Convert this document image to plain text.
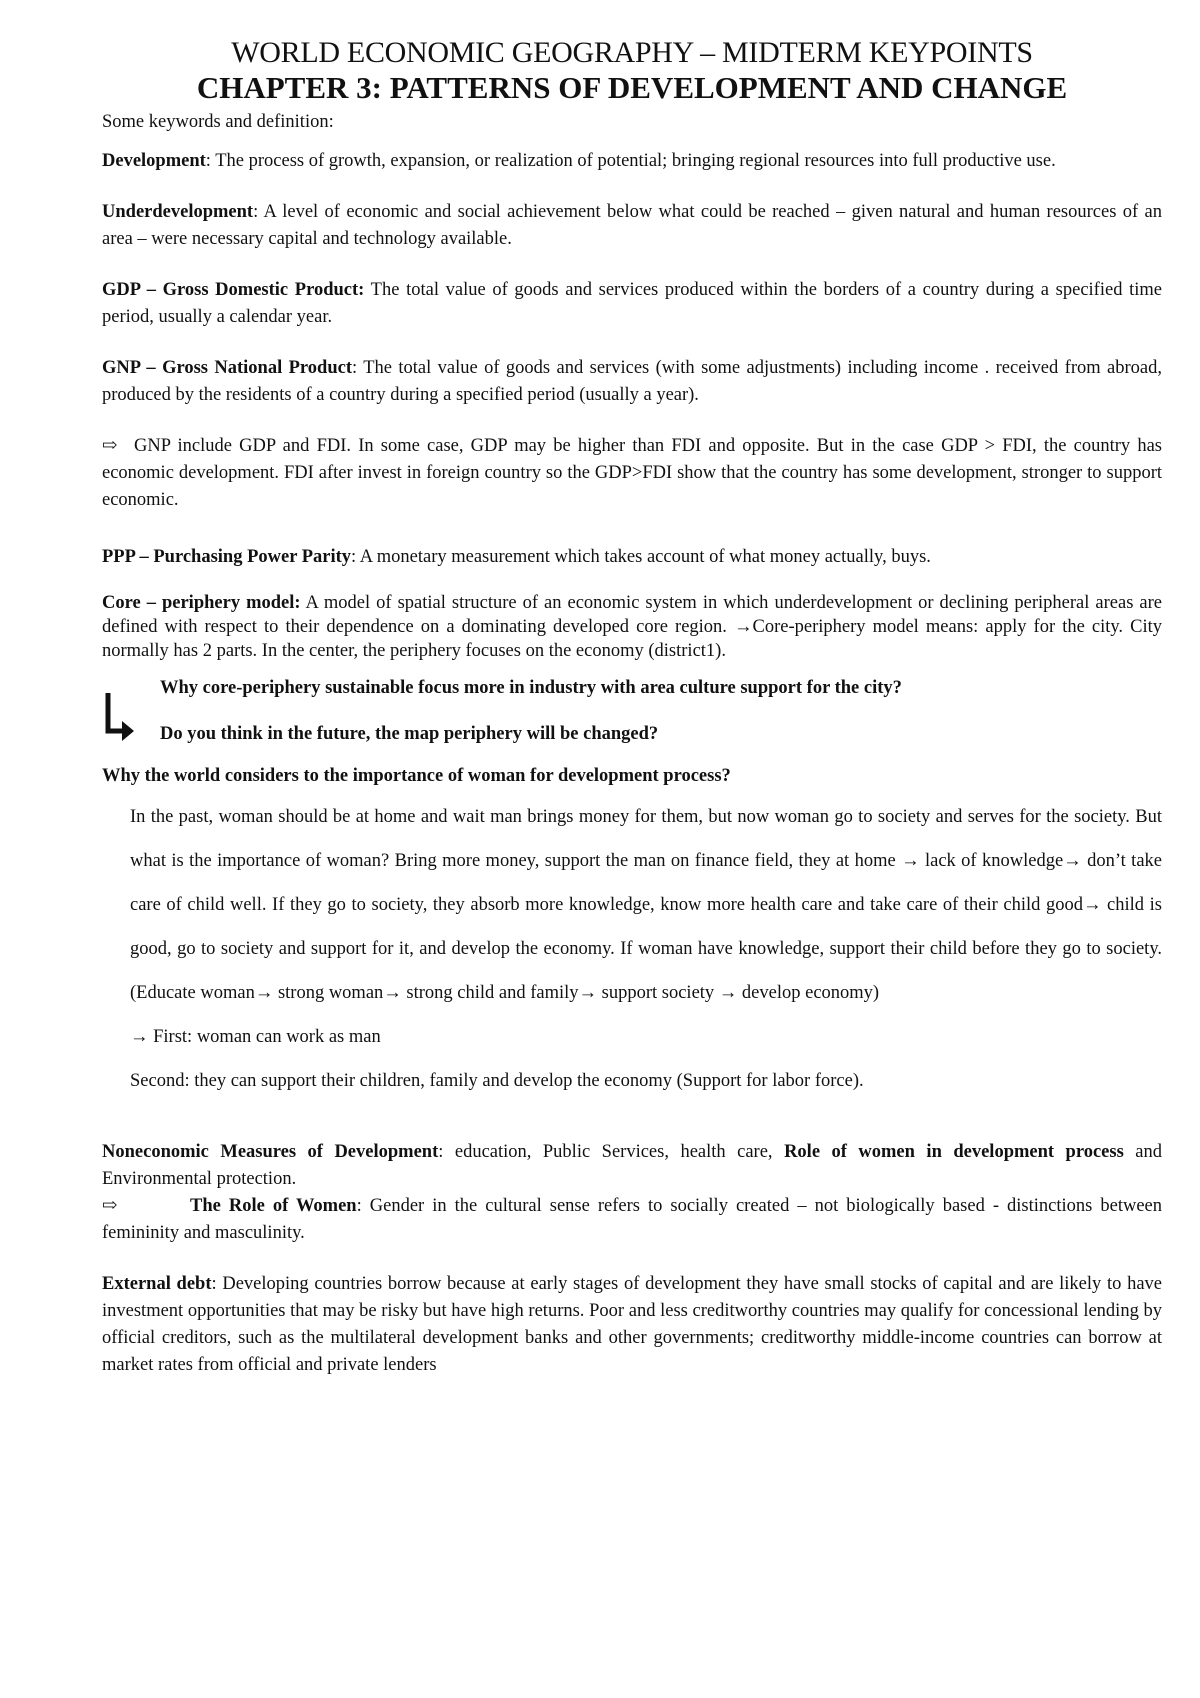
WORLD ECONOMIC GEOGRAPHY – MIDTERM KEYPOINTS
CHAPTER 3: PATTERNS OF DEVELOPMENT AND CHANGE

Some keywords and definition:

Development: The process of growth, expansion, or realization of potential; bringing regional resources into full productive use.

Underdevelopment: A level of economic and social achievement below what could be reached – given natural and human resources of an area – were necessary capital and technology available.

GDP – Gross Domestic Product: The total value of goods and services produced within the borders of a country during a specified time period, usually a calendar year.

GNP – Gross National Product: The total value of goods and services (with some adjustments) including income . received from abroad, produced by the residents of a country during a specified period (usually a year).

⇨ GNP include GDP and FDI. In some case, GDP may be higher than FDI and opposite. But in the case GDP > FDI, the country has economic development. FDI after invest in foreign country so the GDP>FDI show that the country has some development, stronger to support economic.

PPP – Purchasing Power Parity: A monetary measurement which takes account of what money actually, buys.

Core – periphery model: A model of spatial structure of an economic system in which underdevelopment or declining peripheral areas are defined with respect to their dependence on a dominating developed core region. →Core-periphery model means: apply for the city. City normally has 2 parts. In the center, the periphery focuses on the economy (district1).

Why core-periphery sustainable focus more in industry with area culture support for the city?
Do you think in the future, the map periphery will be changed?

Why the world considers to the importance of woman for development process?

In the past, woman should be at home and wait man brings money for them, but now woman go to society and serves for the society. But what is the importance of woman? Bring more money, support the man on finance field, they at home → lack of knowledge→ don’t take care of child well. If they go to society, they absorb more knowledge, know more health care and take care of their child good→ child is good, go to society and support for it, and develop the economy. If woman have knowledge, support their child before they go to society. (Educate woman→ strong woman→ strong child and family→ support society → develop economy)

→ First: woman can work as man

Second: they can support their children, family and develop the economy (Support for labor force).

Noneconomic Measures of Development: education, Public Services, health care, Role of women in development process and Environmental protection.

⇨	The Role of Women: Gender in the cultural sense refers to socially created – not biologically based - distinctions between femininity and masculinity.

External debt: Developing countries borrow because at early stages of development they have small stocks of capital and are likely to have investment opportunities that may be risky but have high returns. Poor and less creditworthy countries may qualify for concessional lending by official creditors, such as the multilateral development banks and other governments; creditworthy middle-income countries can borrow at market rates from official and private lenders
